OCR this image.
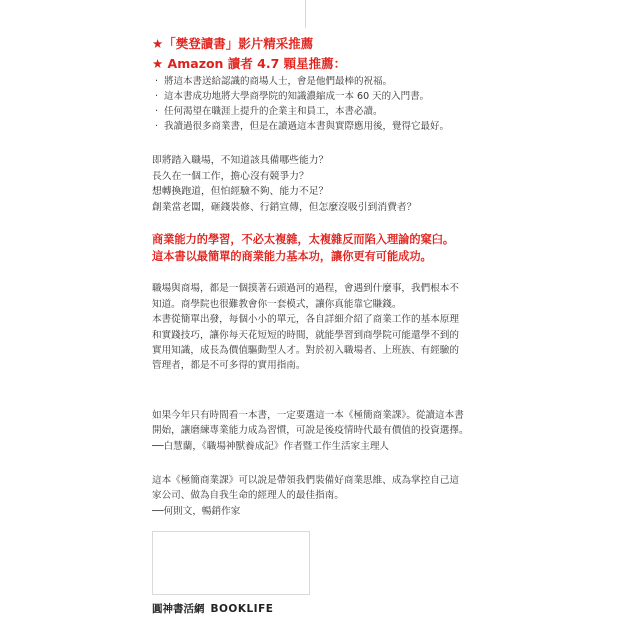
★「樊登讀書」影片精采推薦

★ Amazon 讀者 4.7 顆星推薦：

· 將這本書送給認識的商場人士，會是他們最棒的祝福。
· 這本書成功地將大學商學院的知識濃縮成一本 60 天的入門書。
· 任何渴望在職涯上提升的企業主和員工，本書必讀。
· 我讀過很多商業書，但是在讀過這本書與實際應用後，覺得它最好。
即將踏入職場，不知道該具備哪些能力？
長久在一個工作，擔心沒有競爭力？
想轉換跑道，但怕經驗不夠、能力不足？
創業當老闆，砸錢裝修、行銷宣傳，但怎麼沒吸引到消費者？
商業能力的學習，不必太複雜，太複雜反而陷入理論的窠臼。
這本書以最簡單的商業能力基本功，讓你更有可能成功。
職場與商場，都是一個摸著石頭過河的過程，會遇到什麼事，我們根本不
知道。商學院也很難教會你一套模式，讓你真能靠它賺錢。
本書從簡單出發，每個小小的單元，各自詳細介紹了商業工作的基本原理
和實踐技巧，讓你每天花短短的時間，就能學習到商學院可能還學不到的
實用知識，成長為價值驅動型人才。對於初入職場者、上班族、有經驗的
管理者，都是不可多得的實用指南。
如果今年只有時間看一本書，一定要選這一本《極簡商業課》。從讀這本書
開始，讓磨練專業能力成為習慣，可說是後疫情時代最有價值的投資選擇。
──白慧蘭，《職場神獸養成記》作者暨工作生活家主理人
這本《極簡商業課》可以說是帶領我們裝備好商業思維、成為掌控自己這
家公司、做為自我生命的經理人的最佳指南。
──何則文，暢銷作家
圓神書活網 BOOKLIFE
